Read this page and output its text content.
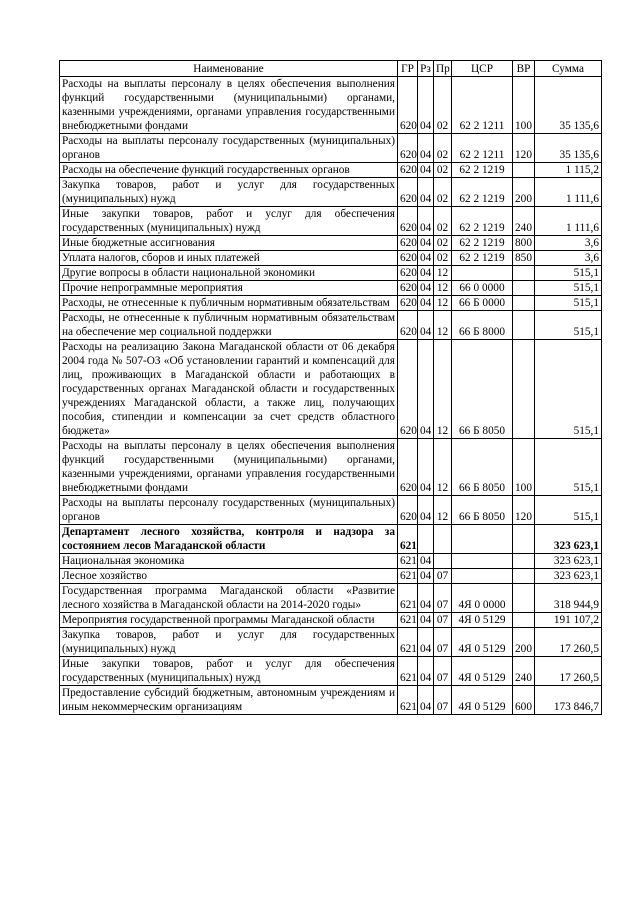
Наименование	ГР	Рз	Пр	ЦСР	ВР	Сумма
Расходы на выплаты персоналу в целях обеспечения выполнения функций государственными (муниципальными) органами, казенными учреждениями, органами управления государственными внебюджетными фондами	620	04	02	62 2 1211	100	35 135,6
Расходы на выплаты персоналу государственных (муниципальных) органов	620	04	02	62 2 1211	120	35 135,6
Расходы на обеспечение функций государственных органов	620	04	02	62 2 1219		1 115,2
Закупка товаров, работ и услуг для государственных (муниципальных) нужд	620	04	02	62 2 1219	200	1 111,6
Иные закупки товаров, работ и услуг для обеспечения государственных (муниципальных) нужд	620	04	02	62 2 1219	240	1 111,6
Иные бюджетные ассигнования	620	04	02	62 2 1219	800	3,6
Уплата налогов, сборов и иных платежей	620	04	02	62 2 1219	850	3,6
Другие вопросы в области национальной экономики	620	04	12			515,1
Прочие непрограммные мероприятия	620	04	12	66 0 0000		515,1
Расходы, не отнесенные к публичным нормативным обязательствам	620	04	12	66 Б 0000		515,1
Расходы, не отнесенные к публичным нормативным обязательствам на обеспечение мер социальной поддержки	620	04	12	66 Б 8000		515,1
Расходы на реализацию Закона Магаданской области от 06 декабря 2004 года № 507-ОЗ «Об установлении гарантий и компенсаций для лиц, проживающих в Магаданской области и работающих в государственных органах Магаданской области и государственных учреждениях Магаданской области, а также лиц, получающих пособия, стипендии и компенсации за счет средств областного бюджета»	620	04	12	66 Б 8050		515,1
Расходы на выплаты персоналу в целях обеспечения выполнения функций государственными (муниципальными) органами, казенными учреждениями, органами управления государственными внебюджетными фондами	620	04	12	66 Б 8050	100	515,1
Расходы на выплаты персоналу государственных (муниципальных) органов	620	04	12	66 Б 8050	120	515,1
Департамент лесного хозяйства, контроля и надзора за состоянием лесов Магаданской области	621					323 623,1
Национальная экономика	621	04				323 623,1
Лесное хозяйство	621	04	07			323 623,1
Государственная программа Магаданской области «Развитие лесного хозяйства в Магаданской области на 2014-2020 годы»	621	04	07	4Я 0 0000		318 944,9
Мероприятия государственной программы Магаданской области	621	04	07	4Я 0 5129		191 107,2
Закупка товаров, работ и услуг для государственных (муниципальных) нужд	621	04	07	4Я 0 5129	200	17 260,5
Иные закупки товаров, работ и услуг для обеспечения государственных (муниципальных) нужд	621	04	07	4Я 0 5129	240	17 260,5
Предоставление субсидий бюджетным, автономным учреждениям и иным некоммерческим организациям	621	04	07	4Я 0 5129	600	173 846,7
